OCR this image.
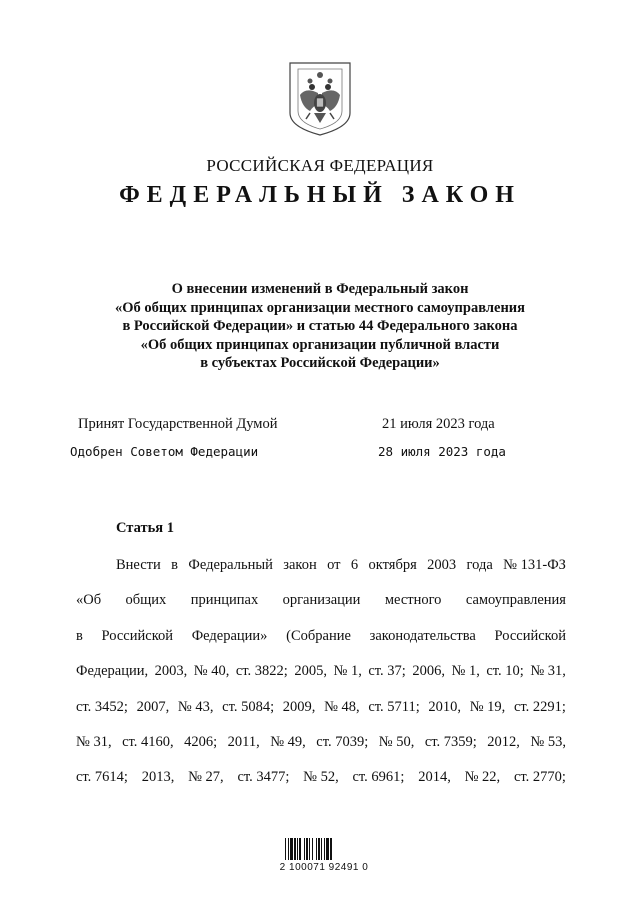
РОССИЙСКАЯ ФЕДЕРАЦИЯ
ФЕДЕРАЛЬНЫЙ ЗАКОН
О внесении изменений в Федеральный закон
«Об общих принципах организации местного самоуправления
в Российской Федерации» и статью 44 Федерального закона
«Об общих принципах организации публичной власти
в субъектах Российской Федерации»
Принят Государственной Думой	21 июля 2023 года
Одобрен Советом Федерации	28 июля 2023 года
Статья 1
Внести в Федеральный закон от 6 октября 2003 года № 131-ФЗ
«Об общих принципах организации местного самоуправления
в Российской Федерации» (Собрание законодательства Российской
Федерации, 2003, № 40, ст. 3822; 2005, № 1, ст. 37; 2006, № 1, ст. 10; № 31,
ст. 3452; 2007, № 43, ст. 5084; 2009, № 48, ст. 5711; 2010, № 19, ст. 2291;
№ 31, ст. 4160, 4206; 2011, № 49, ст. 7039; № 50, ст. 7359; 2012, № 53,
ст. 7614; 2013, № 27, ст. 3477; № 52, ст. 6961; 2014, № 22, ст. 2770;
2 100071 92491 0
